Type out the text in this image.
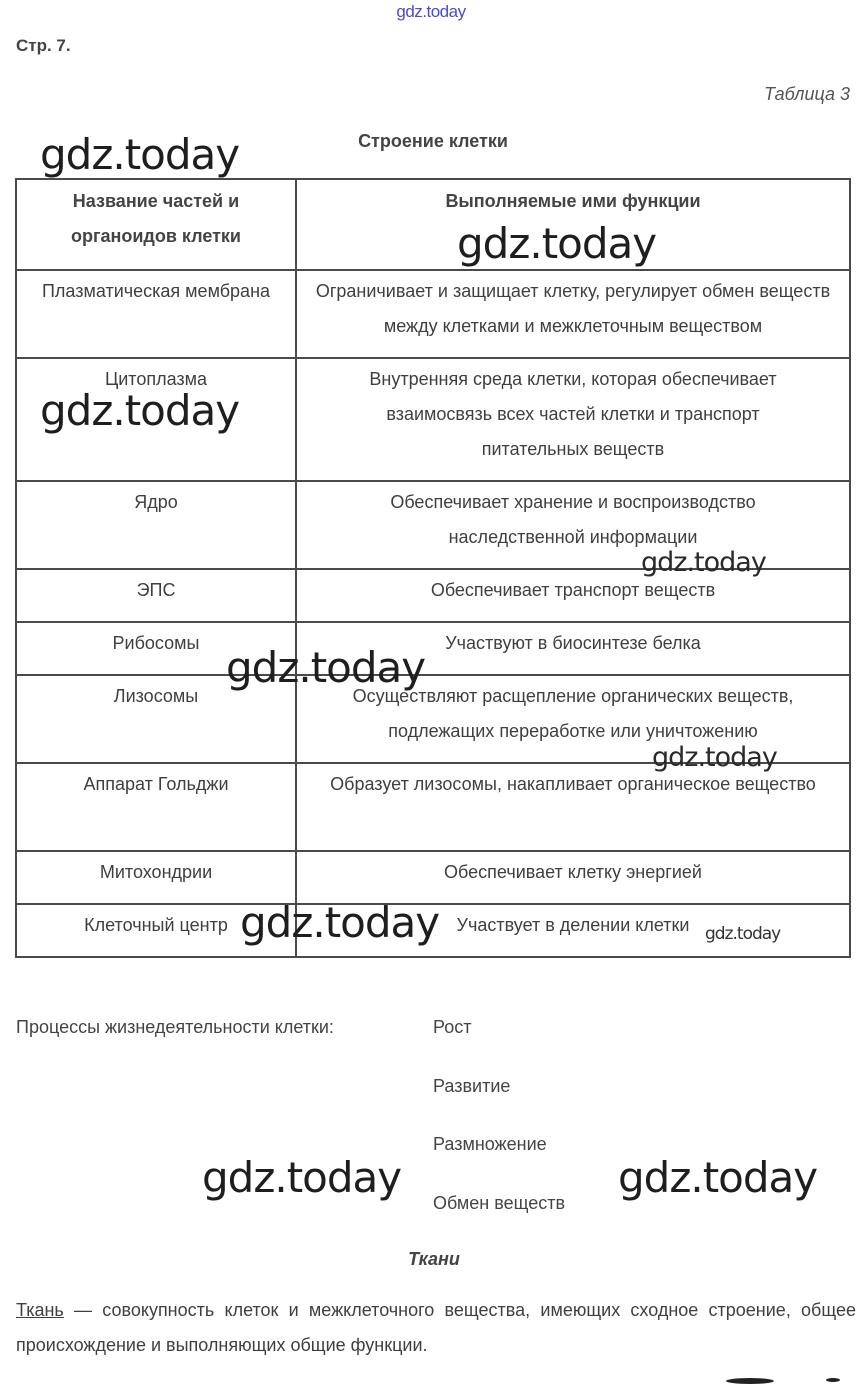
gdz.today
Стр. 7.
Таблица 3
Строение клетки
Название частей и органоидов клетки	Выполняемые ими функции
Плазматическая мембрана	Ограничивает и защищает клетку, регулирует обмен веществ между клетками и межклеточным веществом
Цитоплазма	Внутренняя среда клетки, которая обеспечивает взаимосвязь всех частей клетки и транспорт питательных веществ
Ядро	Обеспечивает хранение и воспроизводство наследственной информации
ЭПС	Обеспечивает транспорт веществ
Рибосомы	Участвуют в биосинтезе белка
Лизосомы	Осуществляют расщепление органических веществ, подлежащих переработке или уничтожению
Аппарат Гольджи	Образует лизосомы, накапливает органическое вещество
Митохондрии	Обеспечивает клетку энергией
Клеточный центр	Участвует в делении клетки
Процессы жизнедеятельности клетки:	Рост
Развитие
Размножение
Обмен веществ
Ткани
Ткань — совокупность клеток и межклеточного вещества, имеющих сходное строение, общее происхождение и выполняющих общие функции.
gdz.today
gdz.today
gdz.today
gdz.today
gdz.today
gdz.today
gdz.today	gdz.today
gdz.today	gdz.today
